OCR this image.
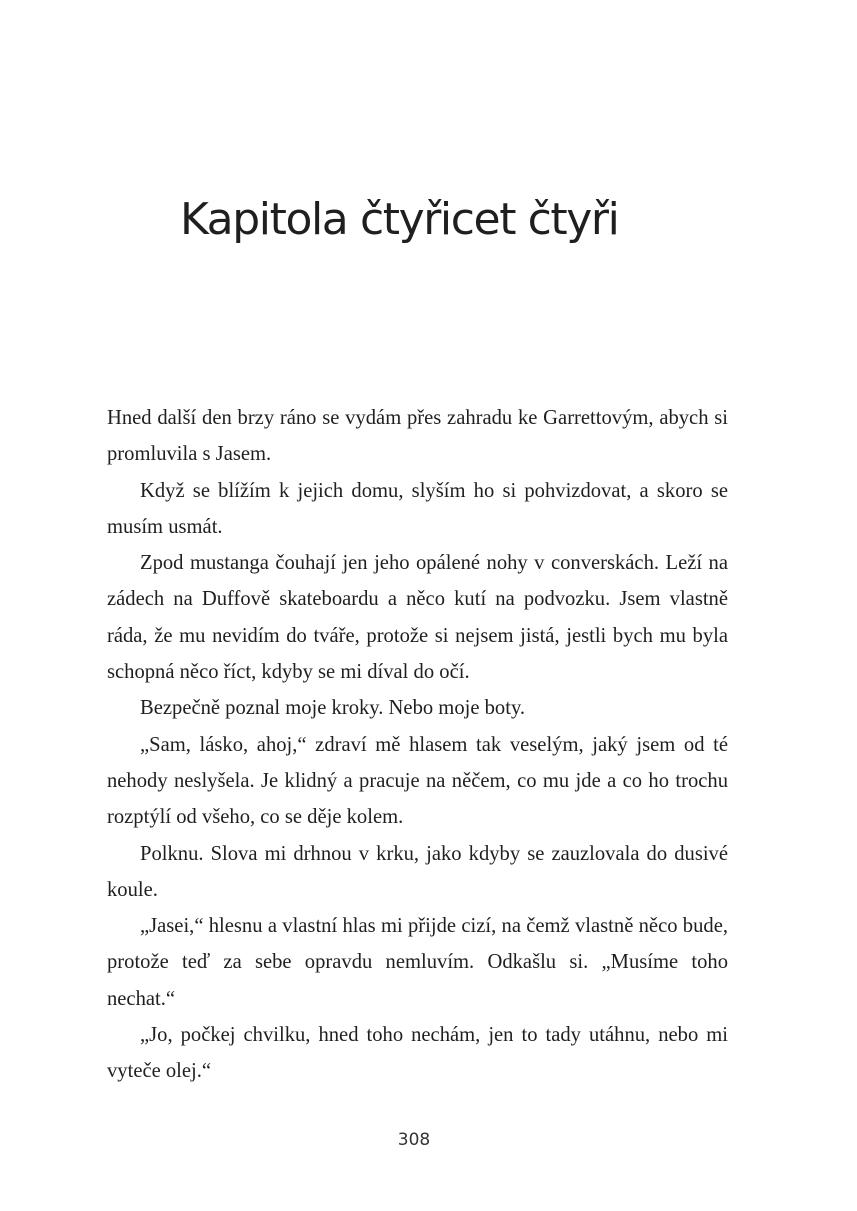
Kapitola čtyřicet čtyři

Hned další den brzy ráno se vydám přes zahradu ke Garrettovým, abych si promluvila s Jasem.

Když se blížím k jejich domu, slyším ho si pohvizdovat, a skoro se musím usmát.

Zpod mustanga čouhají jen jeho opálené nohy v converskách. Leží na zádech na Duffově skateboardu a něco kutí na podvozku. Jsem vlastně ráda, že mu nevidím do tváře, protože si nejsem jistá, jestli bych mu byla schopná něco říct, kdyby se mi díval do očí.

Bezpečně poznal moje kroky. Nebo moje boty.

„Sam, lásko, ahoj,“ zdraví mě hlasem tak veselým, jaký jsem od té nehody neslyšela. Je klidný a pracuje na něčem, co mu jde a co ho trochu rozptýlí od všeho, co se děje kolem.

Polknu. Slova mi drhnou v krku, jako kdyby se zauzlovala do dusivé koule.

„Jasei,“ hlesnu a vlastní hlas mi přijde cizí, na čemž vlastně něco bude, protože teď za sebe opravdu nemluvím. Odkašlu si. „Musíme toho nechat.“

„Jo, počkej chvilku, hned toho nechám, jen to tady utáhnu, nebo mi vyteče olej.“

308
